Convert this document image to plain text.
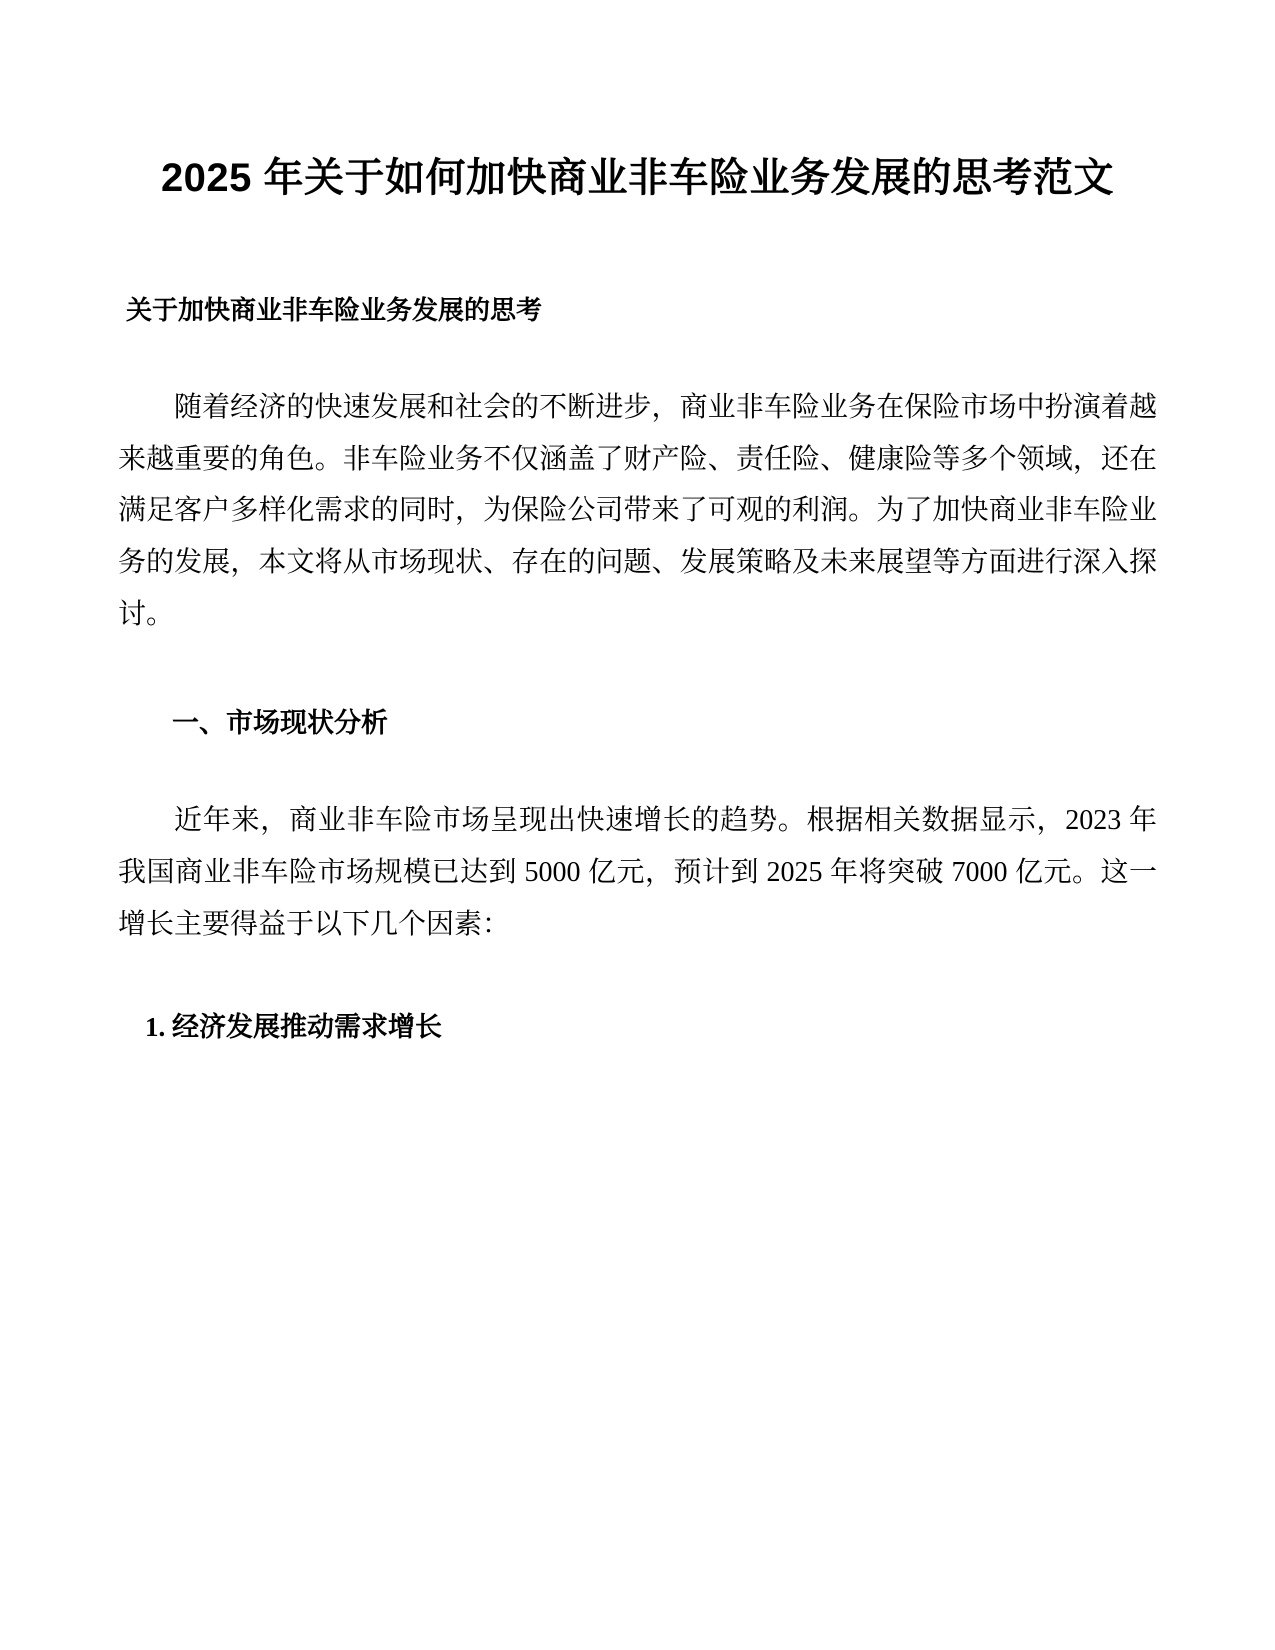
2025 年关于如何加快商业非车险业务发展的思考范文
关于加快商业非车险业务发展的思考

随着经济的快速发展和社会的不断进步，商业非车险业务在保险市场中扮演着越来越重要的角色。非车险业务不仅涵盖了财产险、责任险、健康险等多个领域，还在满足客户多样化需求的同时，为保险公司带来了可观的利润。为了加快商业非车险业务的发展，本文将从市场现状、存在的问题、发展策略及未来展望等方面进行深入探讨。

一、市场现状分析

近年来，商业非车险市场呈现出快速增长的趋势。根据相关数据显示，2023 年我国商业非车险市场规模已达到 5000 亿元，预计到 2025 年将突破 7000 亿元。这一增长主要得益于以下几个因素：

1. 经济发展推动需求增长
